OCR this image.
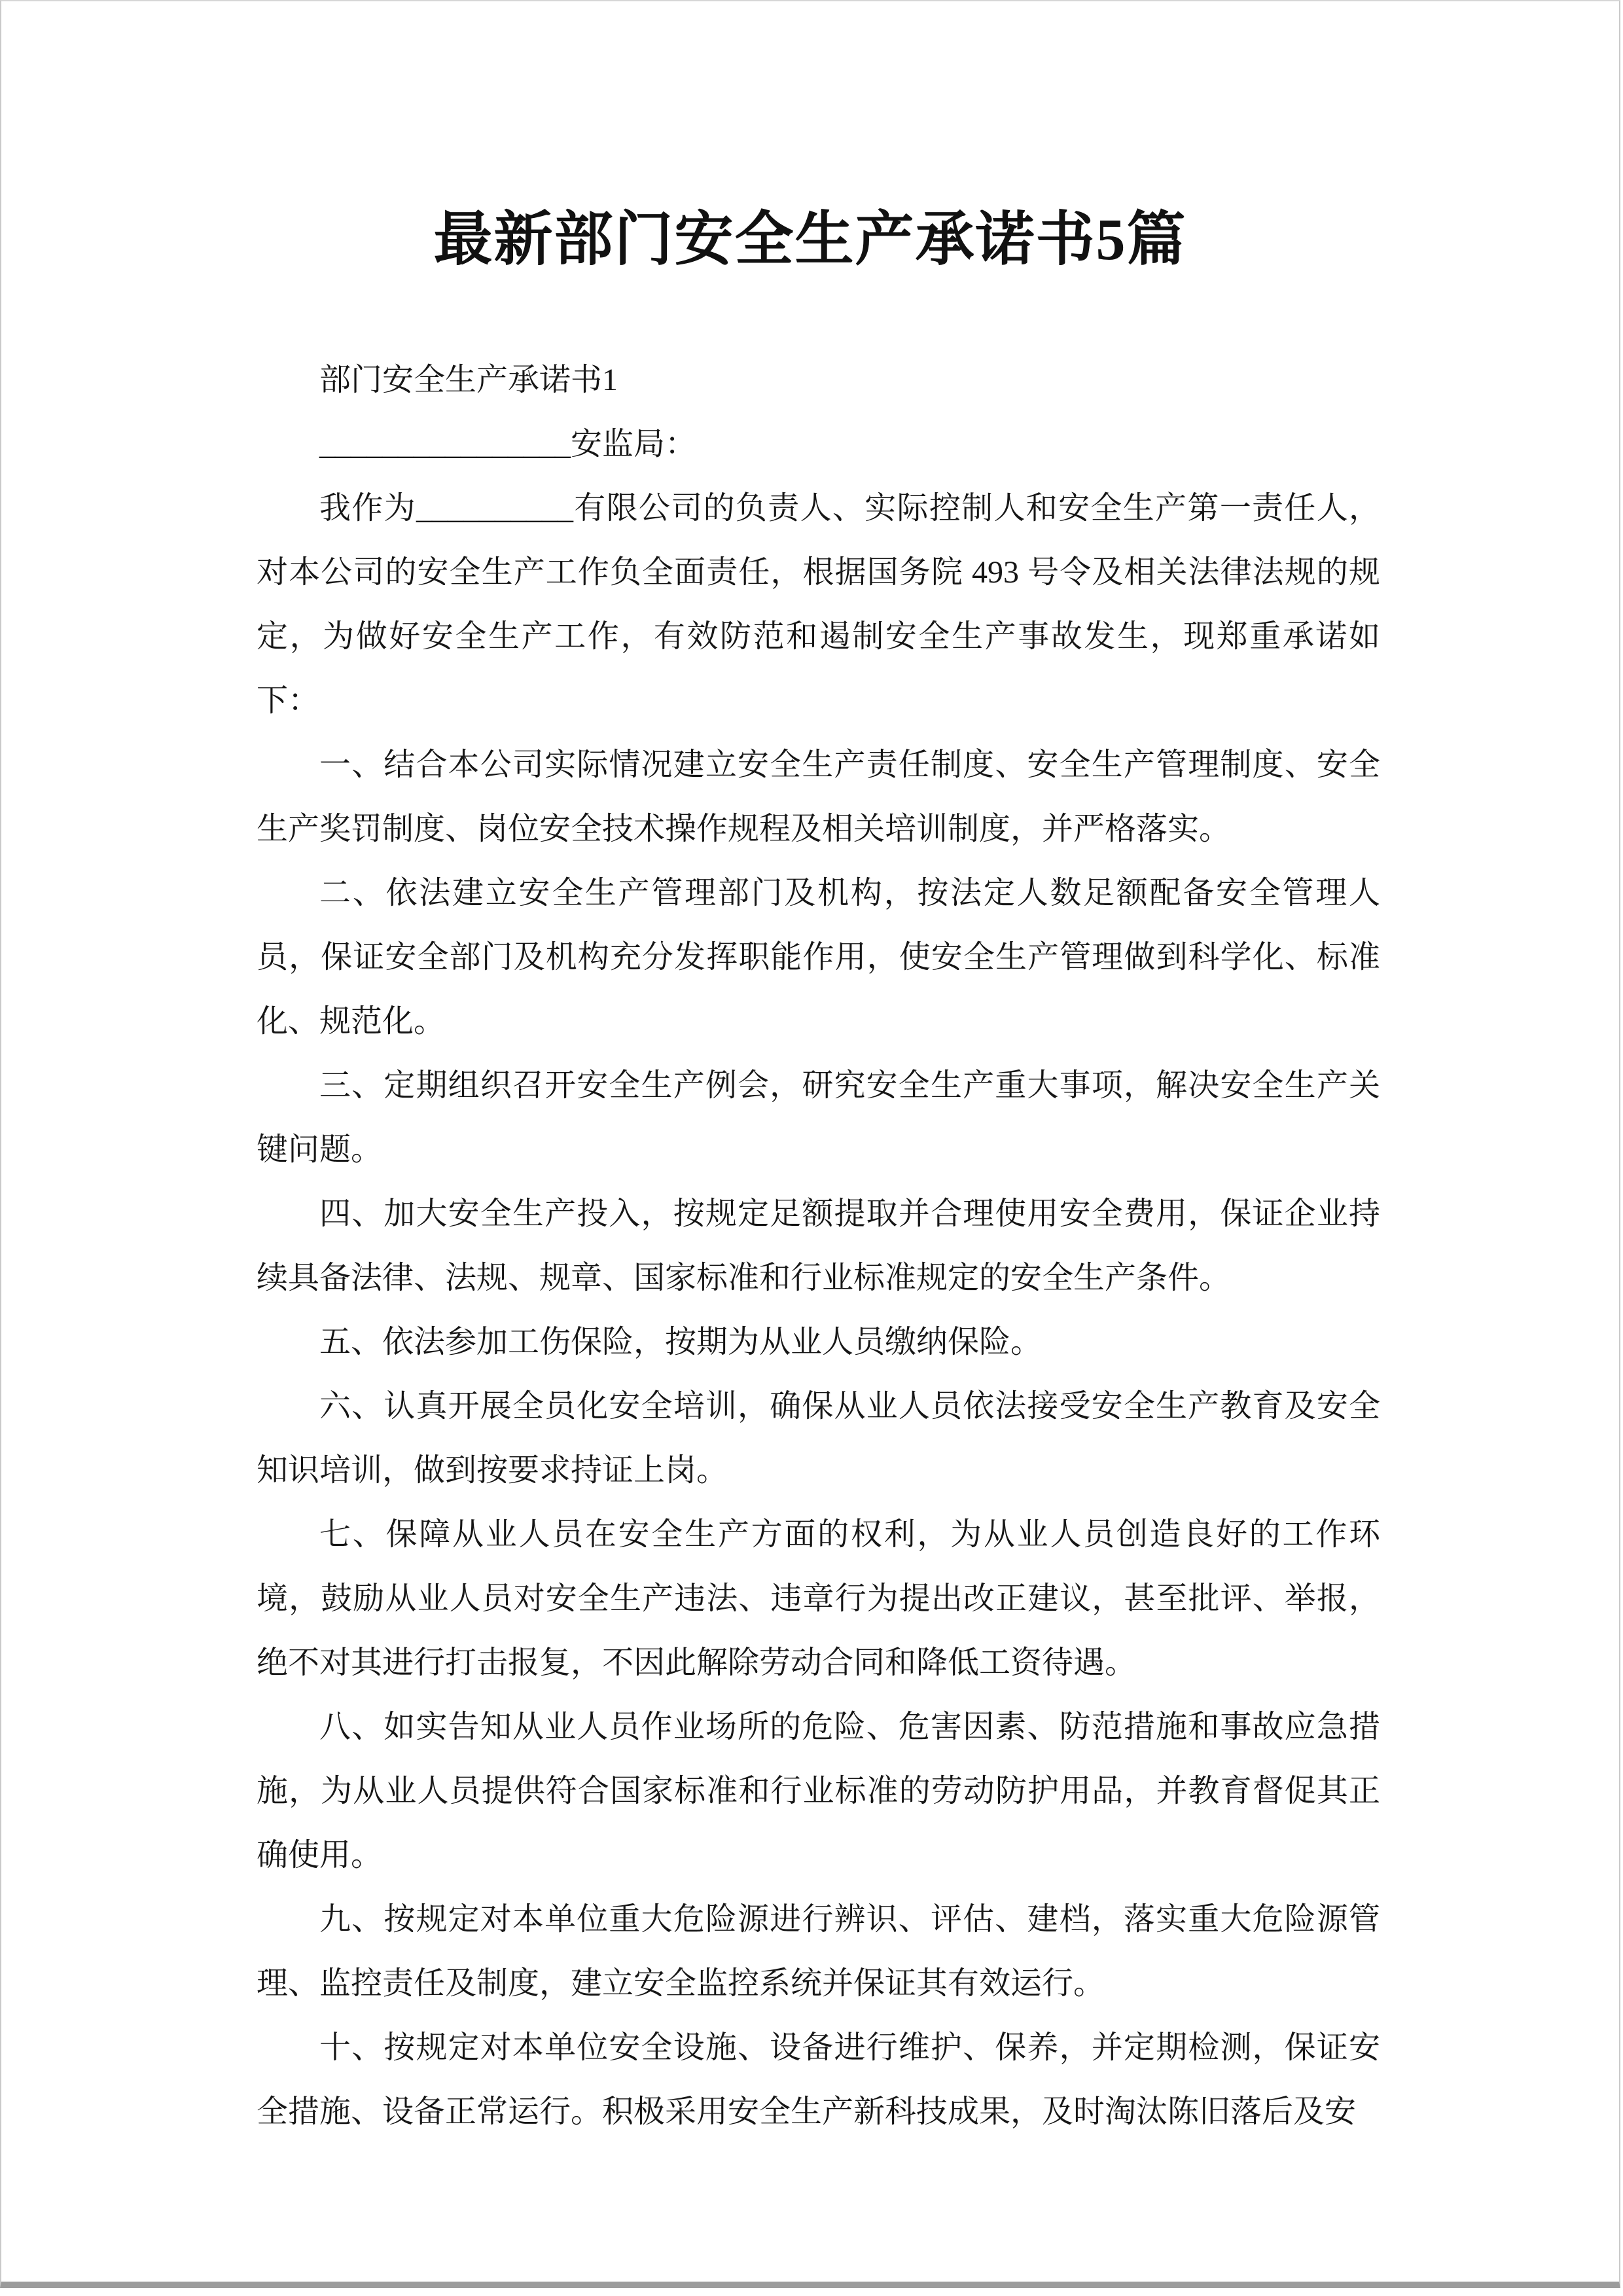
最新部门安全生产承诺书5篇

部门安全生产承诺书1

________________安监局：

我作为__________有限公司的负责人、实际控制人和安全生产第一责任人，对本公司的安全生产工作负全面责任，根据国务院 493 号令及相关法律法规的规定，为做好安全生产工作，有效防范和遏制安全生产事故发生，现郑重承诺如下：

一、结合本公司实际情况建立安全生产责任制度、安全生产管理制度、安全生产奖罚制度、岗位安全技术操作规程及相关培训制度，并严格落实。

二、依法建立安全生产管理部门及机构，按法定人数足额配备安全管理人员，保证安全部门及机构充分发挥职能作用，使安全生产管理做到科学化、标准化、规范化。

三、定期组织召开安全生产例会，研究安全生产重大事项，解决安全生产关键问题。

四、加大安全生产投入，按规定足额提取并合理使用安全费用，保证企业持续具备法律、法规、规章、国家标准和行业标准规定的安全生产条件。

五、依法参加工伤保险，按期为从业人员缴纳保险。

六、认真开展全员化安全培训，确保从业人员依法接受安全生产教育及安全知识培训，做到按要求持证上岗。

七、保障从业人员在安全生产方面的权利，为从业人员创造良好的工作环境，鼓励从业人员对安全生产违法、违章行为提出改正建议，甚至批评、举报，绝不对其进行打击报复，不因此解除劳动合同和降低工资待遇。

八、如实告知从业人员作业场所的危险、危害因素、防范措施和事故应急措施，为从业人员提供符合国家标准和行业标准的劳动防护用品，并教育督促其正确使用。

九、按规定对本单位重大危险源进行辨识、评估、建档，落实重大危险源管理、监控责任及制度，建立安全监控系统并保证其有效运行。

十、按规定对本单位安全设施、设备进行维护、保养，并定期检测，保证安全措施、设备正常运行。积极采用安全生产新科技成果，及时淘汰陈旧落后及安
